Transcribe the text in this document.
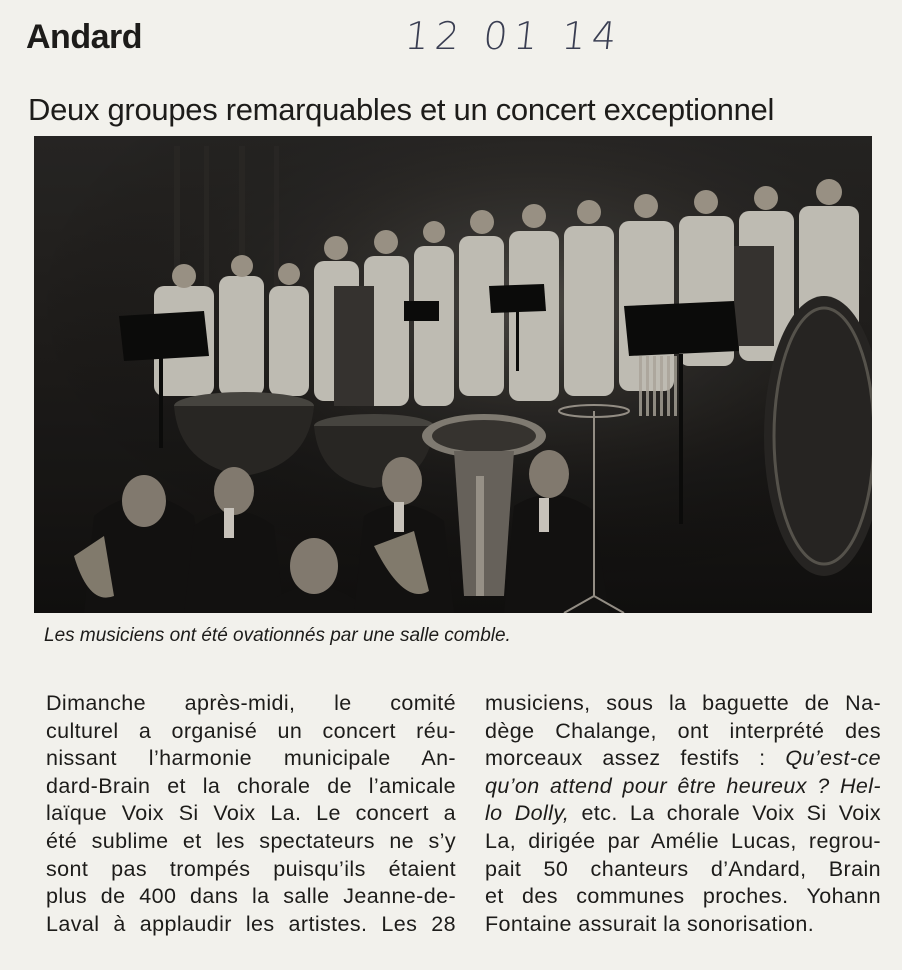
Andard	12 01 14
Deux groupes remarquables et un concert exceptionnel
Les musiciens ont été ovationnés par une salle comble.
Dimanche après-midi, le comité
culturel a organisé un concert réu-
nissant l’harmonie municipale An-
dard-Brain et la chorale de l’amicale
laïque Voix Si Voix La. Le concert a
été sublime et les spectateurs ne s’y
sont pas trompés puisqu’ils étaient
plus de 400 dans la salle Jeanne-de-
Laval à applaudir les artistes. Les 28
musiciens, sous la baguette de Na-
dège Chalange, ont interprété des
morceaux assez festifs : Qu’est-ce
qu’on attend pour être heureux ? Hel-
lo Dolly, etc. La chorale Voix Si Voix
La, dirigée par Amélie Lucas, regrou-
pait 50 chanteurs d’Andard, Brain
et des communes proches. Yohann
Fontaine assurait la sonorisation.
